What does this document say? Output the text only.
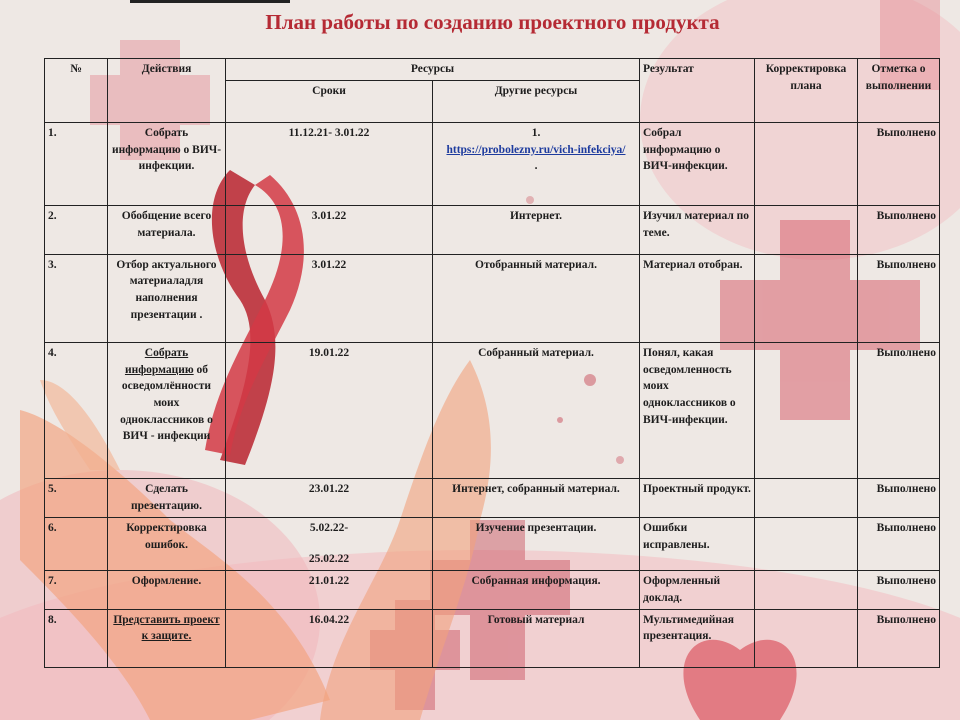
План работы по созданию проектного продукта
№	Действия	Ресурсы		Результат	Корректировка плана	Отметка о выполнении
		Сроки	Другие ресурсы			
1.	Собрать информацию о ВИЧ-инфекции.	11.12.21- 3.01.22	1.
https://probolezny.ru/vich-infekciya/
.	Собрал информацию о ВИЧ-инфекции.		Выполнено
2.	Обобщение всего материала.	3.01.22	Интернет.	Изучил материал по теме.		Выполнено
3.	Отбор актуального материаладля наполнения презентации .	3.01.22	Отобранный материал.	Материал отобран.		Выполнено
4.	Собрать информацию об осведомлённости моих одноклассников о ВИЧ - инфекции	19.01.22	Собранный материал.	Понял, какая осведомленность моих одноклассников о ВИЧ-инфекции.		Выполнено
5.	Сделать презентацию.	23.01.22	Интернет, собранный материал.	Проектный продукт.		Выполнено
6.	Корректировка ошибок.	5.02.22-
25.02.22	Изучение презентации.	Ошибки исправлены.		Выполнено
7.	Оформление.	21.01.22	Собранная информация.	Оформленный доклад.		Выполнено
8.	Представить проект к защите.	16.04.22	Готовый материал	Мультимедийная презентация.		Выполнено
